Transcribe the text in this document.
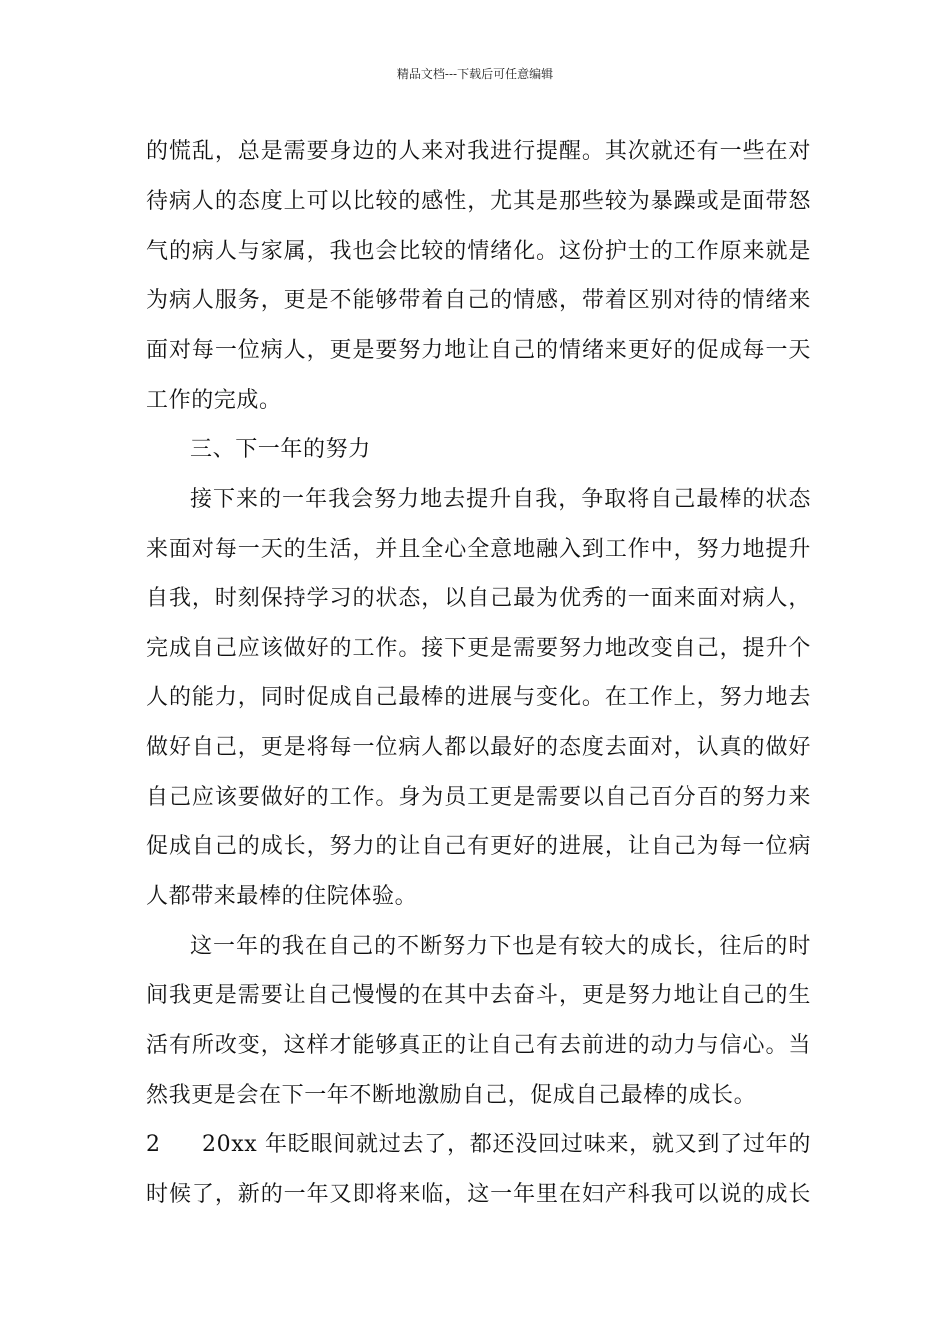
精品文档---下载后可任意编辑
的慌乱，总是需要身边的人来对我进行提醒。其次就还有一些在对
待病人的态度上可以比较的感性，尤其是那些较为暴躁或是面带怒
气的病人与家属，我也会比较的情绪化。这份护士的工作原来就是
为病人服务，更是不能够带着自己的情感，带着区别对待的情绪来
面对每一位病人，更是要努力地让自己的情绪来更好的促成每一天
工作的完成。
三、下一年的努力
接下来的一年我会努力地去提升自我，争取将自己最棒的状态
来面对每一天的生活，并且全心全意地融入到工作中，努力地提升
自我，时刻保持学习的状态，以自己最为优秀的一面来面对病人，
完成自己应该做好的工作。接下更是需要努力地改变自己，提升个
人的能力，同时促成自己最棒的进展与变化。在工作上，努力地去
做好自己，更是将每一位病人都以最好的态度去面对，认真的做好
自己应该要做好的工作。身为员工更是需要以自己百分百的努力来
促成自己的成长，努力的让自己有更好的进展，让自己为每一位病
人都带来最棒的住院体验。
这一年的我在自己的不断努力下也是有较大的成长，往后的时
间我更是需要让自己慢慢的在其中去奋斗，更是努力地让自己的生
活有所改变，这样才能够真正的让自己有去前进的动力与信心。当
然我更是会在下一年不断地激励自己，促成自己最棒的成长。
2	20xx 年眨眼间就过去了，都还没回过味来，就又到了过年的
时候了，新的一年又即将来临，这一年里在妇产科我可以说的成长
